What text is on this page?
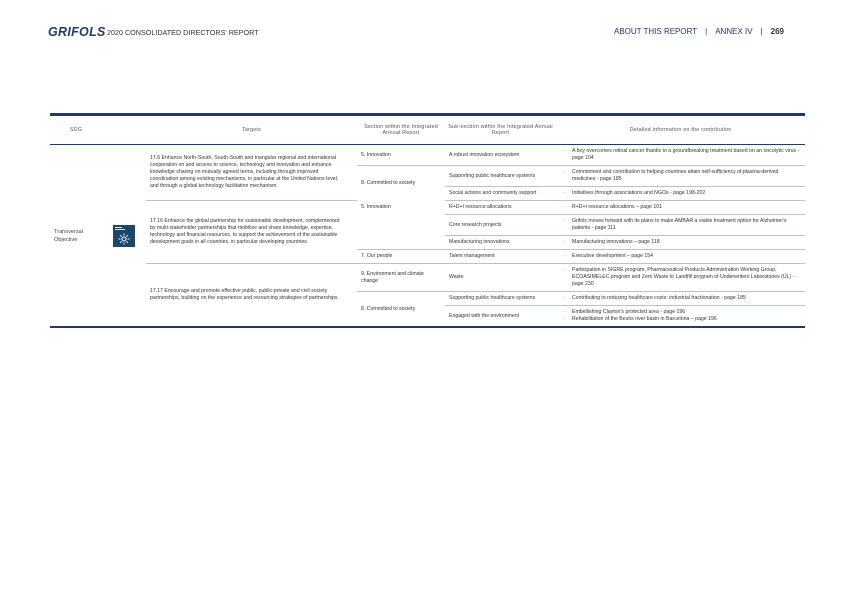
GRIFOLS 2020 CONSOLIDATED DIRECTORS' REPORT	ABOUT THIS REPORT | ANNEX IV | 269
SDG		Targets	Section within the Integrated Annual Report	Sub-section within the Integrated Annual Report	Detailed information on the contribution
Transversal Objective		17.6 Enhance North-South, South-South and triangular regional and international cooperation on and access to science, technology and innovation and enhance knowledge sharing on mutually agreed terms, including through improved coordination among existing mechanisms, in particular at the United Nations level, and through a global technology facilitation mechanism.	5. Innovation	A robust innovation ecosystem	· A boy overcomes retinal cancer thanks to a groundbreaking treatment based on an oncolytic virus - page 104

			8. Committed to society	Supporting public healthcare systems	· Commitment and contribution to helping countries attain self-sufficiency of plasma-derived medicines - page 185

				Social actions and community support	· Initiatives through associations and NGOs - page 198-202

		17.16 Enhance the global partnership for sustainable development, complemented by multi-stakeholder partnerships that mobilize and share knowledge, expertise, technology and financial resources, to support the achievement of the sustainable development goals in all countries, in particular developing countries.	5. Innovation	R+D+I resource allocations	· R+D+I resource allocations – page 101

				Core research projects	· Grifols moves forward with its plans to make AMBAR a viable treatment option for Alzheimer's patients - page 111

				Manufacturing innovations	· Manufacturing innovations – page 118

			7. Our people	Talent management	· Executive development – page 154

		17.17 Encourage and promote effective public, public-private and civil society partnerships, building on the experience and resourcing strategies of partnerships.	9. Environment and climate change	Waste	· Participation in SIGRE program, Pharmaceutical Products Administration Working Group, ECOASIMELEC program and Zero Waste to Landfill program of Underwriters Laboratories (UL) - page 230

			8. Committed to society	Supporting public healthcare systems	· Contributing to reducing healthcare costs: industrial fractionation - page 185

				Engaged with the environment	· Embellishing Clayton's protected area - page 196
· Rehabilitation of the Besòs river basin in Barcelona – page 196
